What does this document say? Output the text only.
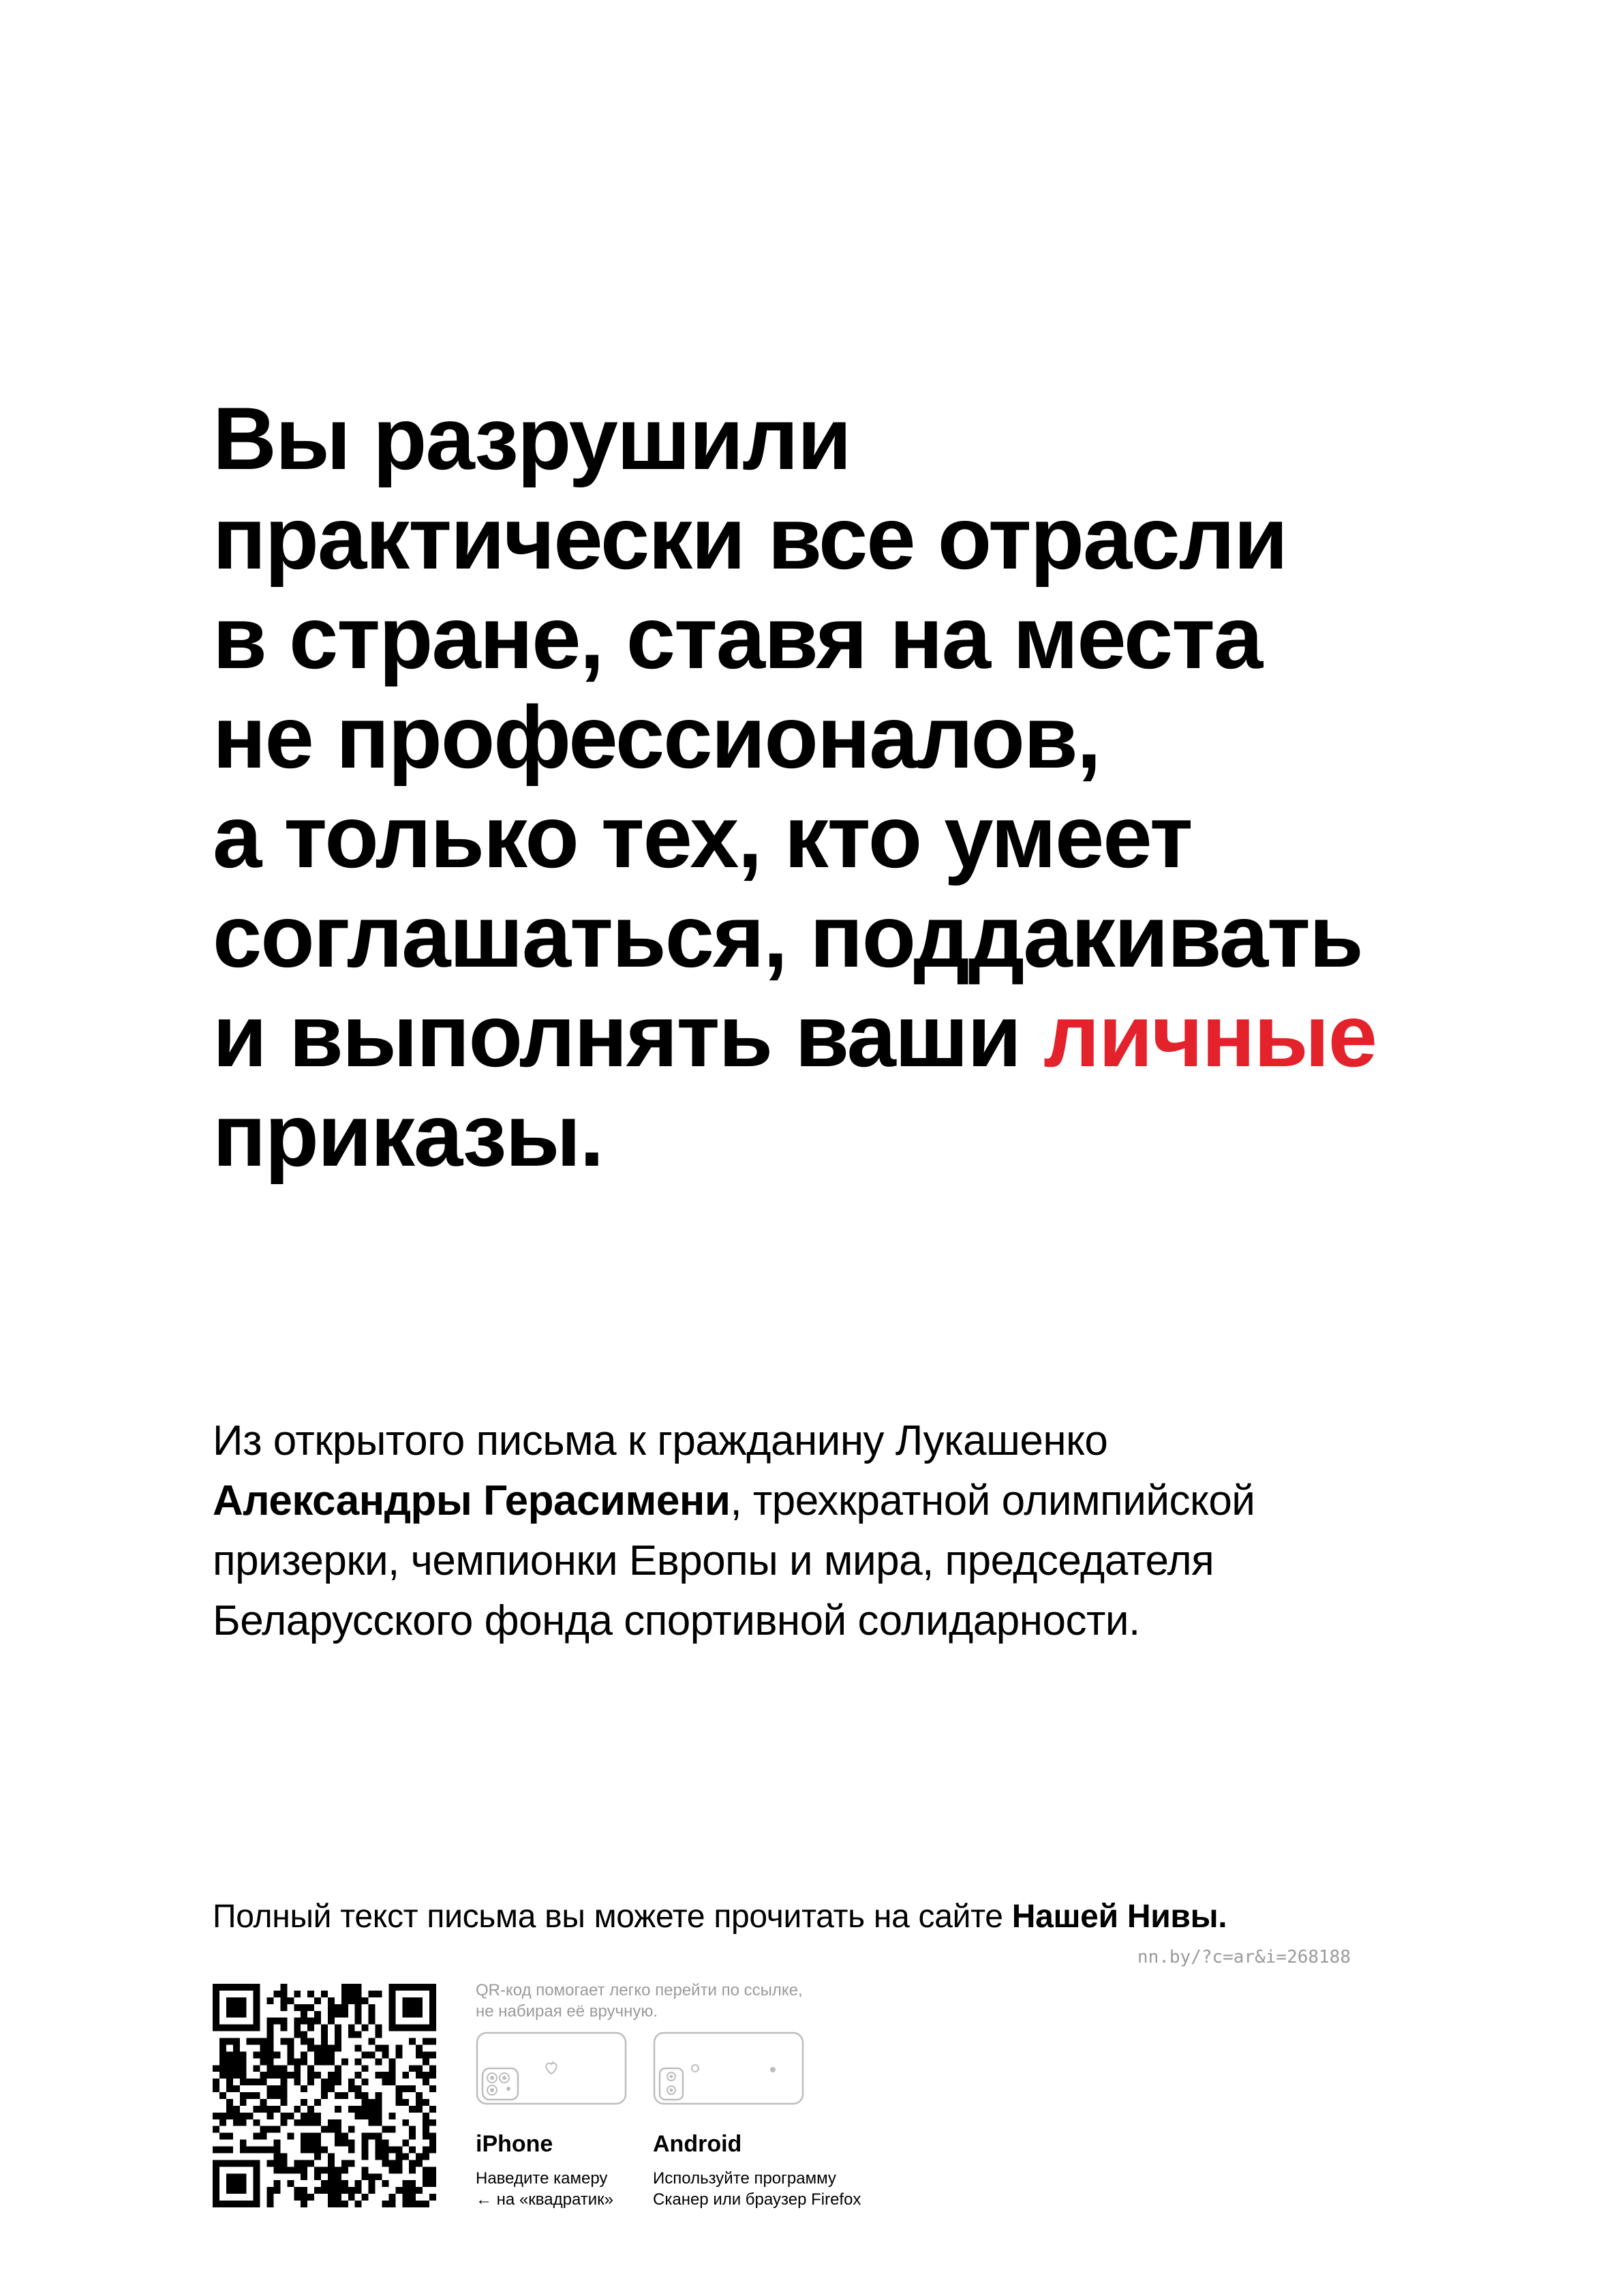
Вы разрушили
практически все отрасли
в стране, ставя на места
не профессионалов,
а только тех, кто умеет
соглашаться, поддакивать
и выполнять ваши личные
приказы.
Из открытого письма к гражданину Лукашенко
Александры Герасимени, трехкратной олимпийской
призерки, чемпионки Европы и мира, председателя
Беларусского фонда спортивной солидарности.
Полный текст письма вы можете прочитать на сайте Нашей Нивы.
nn.by/?c=ar&i=268188
QR-код помогает легко перейти по ссылке,
не набирая её вручную.
iPhone	Android
Наведите камеру
← на «квадратик»
Используйте программу
Сканер или браузер Firefox
